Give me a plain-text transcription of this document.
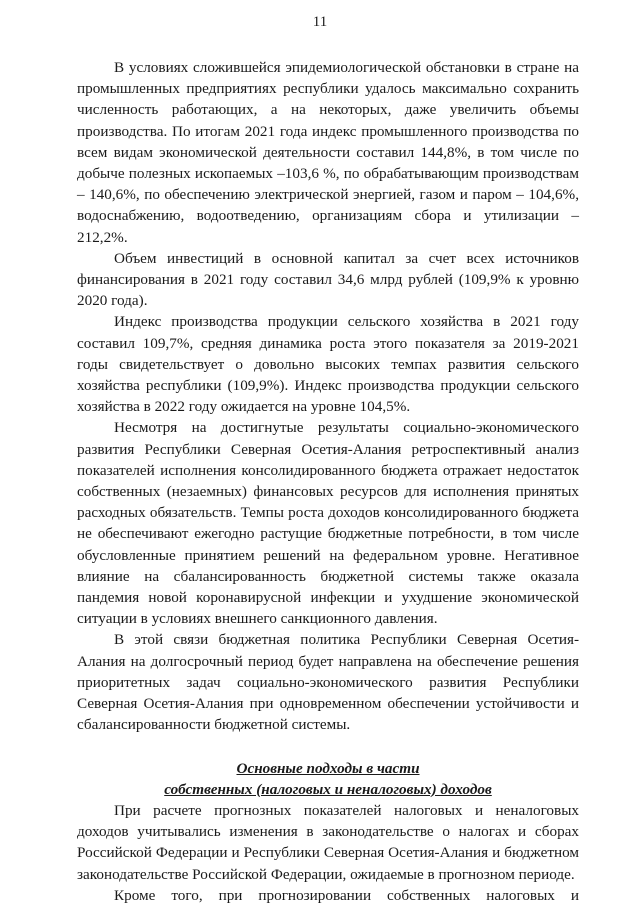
11

В условиях сложившейся эпидемиологической обстановки в стране на промышленных предприятиях республики удалось максимально сохранить численность работающих, а на некоторых, даже увеличить объемы производства. По итогам 2021 года индекс промышленного производства по всем видам экономической деятельности составил 144,8%, в том числе по добыче полезных ископаемых –103,6 %, по обрабатывающим производствам – 140,6%, по обеспечению электрической энергией, газом и паром – 104,6%, водоснабжению, водоотведению, организациям сбора и утилизации – 212,2%.

Объем инвестиций в основной капитал за счет всех источников финансирования в 2021 году составил 34,6 млрд рублей (109,9% к уровню 2020 года).

Индекс производства продукции сельского хозяйства в 2021 году составил 109,7%, средняя динамика роста этого показателя за 2019-2021 годы свидетельствует о довольно высоких темпах развития сельского хозяйства республики (109,9%). Индекс производства продукции сельского хозяйства в 2022 году ожидается на уровне 104,5%.

Несмотря на достигнутые результаты социально-экономического развития Республики Северная Осетия-Алания ретроспективный анализ показателей исполнения консолидированного бюджета отражает недостаток собственных (незаемных) финансовых ресурсов для исполнения принятых расходных обязательств. Темпы роста доходов консолидированного бюджета не обеспечивают ежегодно растущие бюджетные потребности, в том числе обусловленные принятием решений на федеральном уровне. Негативное влияние на сбалансированность бюджетной системы также оказала пандемия новой коронавирусной инфекции и ухудшение экономической ситуации в условиях внешнего санкционного давления.

В этой связи бюджетная политика Республики Северная Осетия-Алания на долгосрочный период будет направлена на обеспечение решения приоритетных задач социально-экономического развития Республики Северная Осетия-Алания при одновременном обеспечении устойчивости и сбалансированности бюджетной системы.

Основные подходы в части
собственных (налоговых и неналоговых) доходов

При расчете прогнозных показателей налоговых и неналоговых доходов учитывались изменения в законодательстве о налогах и сборах Российской Федерации и Республики Северная Осетия-Алания и бюджетном законодательстве Российской Федерации, ожидаемые в прогнозном периоде.

Кроме того, при прогнозировании собственных налоговых и
